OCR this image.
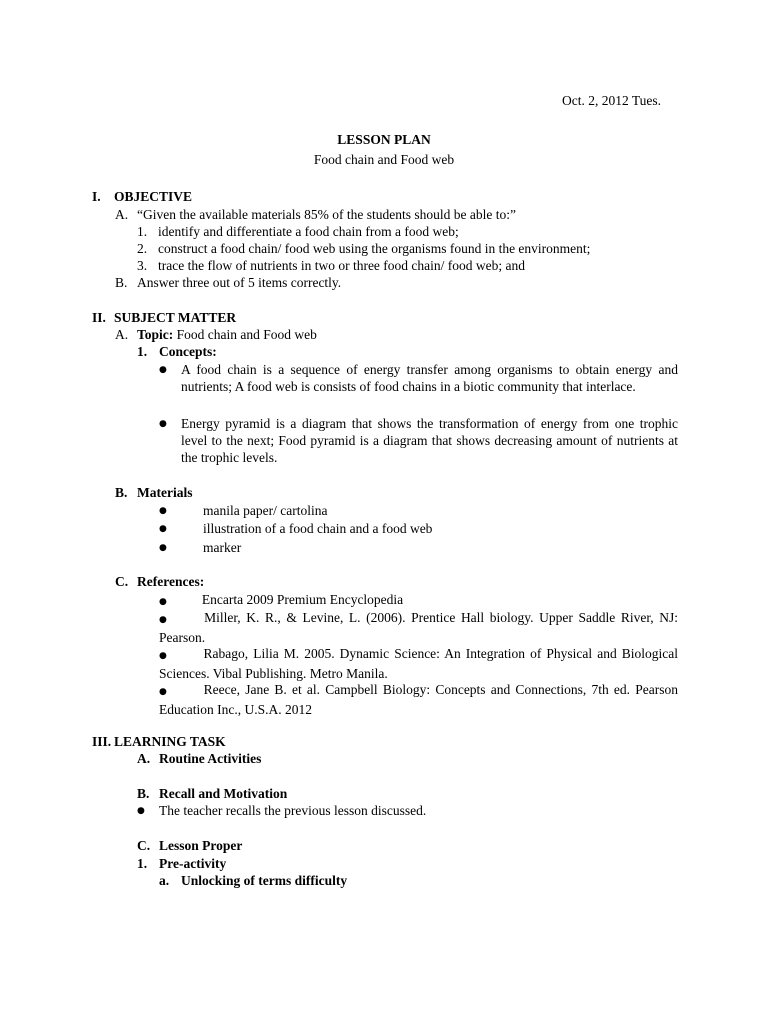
Oct. 2, 2012 Tues.
LESSON PLAN
Food chain and Food web
I. OBJECTIVE
A. “Given the available materials 85% of the students should be able to:”
1. identify and differentiate a food chain from a food web;
2. construct a food chain/ food web using the organisms found in the environment;
3. trace the flow of nutrients in two or three food chain/ food web; and
B. Answer three out of 5 items correctly.
II. SUBJECT MATTER
A. Topic: Food chain and Food web
1. Concepts:
● A food chain is a sequence of energy transfer among organisms to obtain energy and nutrients; A food web is consists of food chains in a biotic community that interlace.
● Energy pyramid is a diagram that shows the transformation of energy from one trophic level to the next; Food pyramid is a diagram that shows decreasing amount of nutrients at the trophic levels.
B. Materials
●	manila paper/ cartolina
●	illustration of a food chain and a food web
●	marker
C. References:
●	Encarta 2009 Premium Encyclopedia
●	Miller, K. R., & Levine, L. (2006). Prentice Hall biology. Upper Saddle River, NJ: Pearson.
●	Rabago, Lilia M. 2005. Dynamic Science: An Integration of Physical and Biological Sciences. Vibal Publishing. Metro Manila.
●	Reece, Jane B. et al. Campbell Biology: Concepts and Connections, 7th ed. Pearson Education Inc., U.S.A. 2012
III. LEARNING TASK
A. Routine Activities
B. Recall and Motivation
● The teacher recalls the previous lesson discussed.
C. Lesson Proper
1. Pre-activity
a. Unlocking of terms difficulty
